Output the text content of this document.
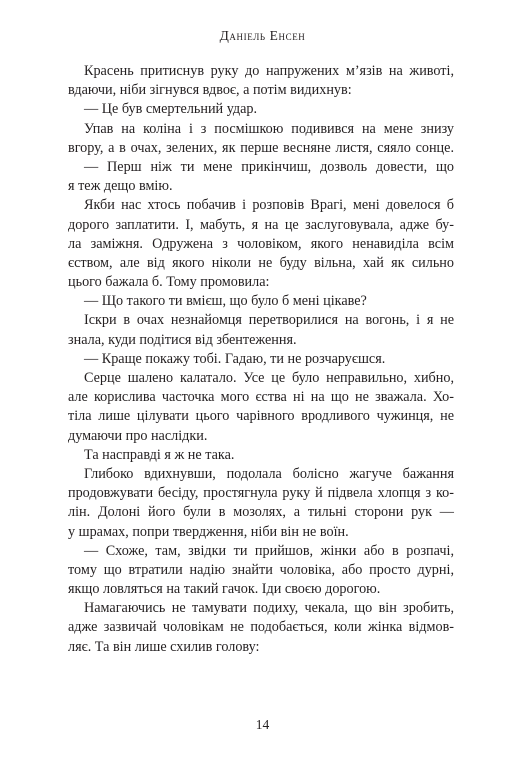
Даніель Енсен
Красень притиснув руку до напружених м’язів на животі,
вдаючи, ніби зігнувся вдвоє, а потім видихнув:
— Це був смертельний удар.
Упав на коліна і з посмішкою подивився на мене знизу
вгору, а в очах, зелених, як перше весняне листя, сяяло сонце.
— Перш ніж ти мене прикінчиш, дозволь довести, що
я теж дещо вмію.
Якби нас хтось побачив і розповів Врагі, мені довелося б
дорого заплатити. І, мабуть, я на це заслуговувала, адже бу-
ла заміжня. Одружена з чоловіком, якого ненавиділа всім
єством, але від якого ніколи не буду вільна, хай як сильно
цього бажала б. Тому промовила:
— Що такого ти вмієш, що було б мені цікаве?
Іскри в очах незнайомця перетворилися на вогонь, і я не
знала, куди подітися від збентеження.
— Краще покажу тобі. Гадаю, ти не розчаруєшся.
Серце шалено калатало. Усе це було неправильно, хибно,
але корислива часточка мого єства ні на що не зважала. Хо-
тіла лише цілувати цього чарівного вродливого чужинця, не
думаючи про наслідки.
Та насправді я ж не така.
Глибоко вдихнувши, подолала болісно жагуче бажання
продовжувати бесіду, простягнула руку й підвела хлопця з ко-
лін. Долоні його були в мозолях, а тильні сторони рук —
у шрамах, попри твердження, ніби він не воїн.
— Схоже, там, звідки ти прийшов, жінки або в розпачі,
тому що втратили надію знайти чоловіка, або просто дурні,
якщо ловляться на такий гачок. Іди своєю дорогою.
Намагаючись не тамувати подиху, чекала, що він зробить,
адже зазвичай чоловікам не подобається, коли жінка відмов-
ляє. Та він лише схилив голову:
14
